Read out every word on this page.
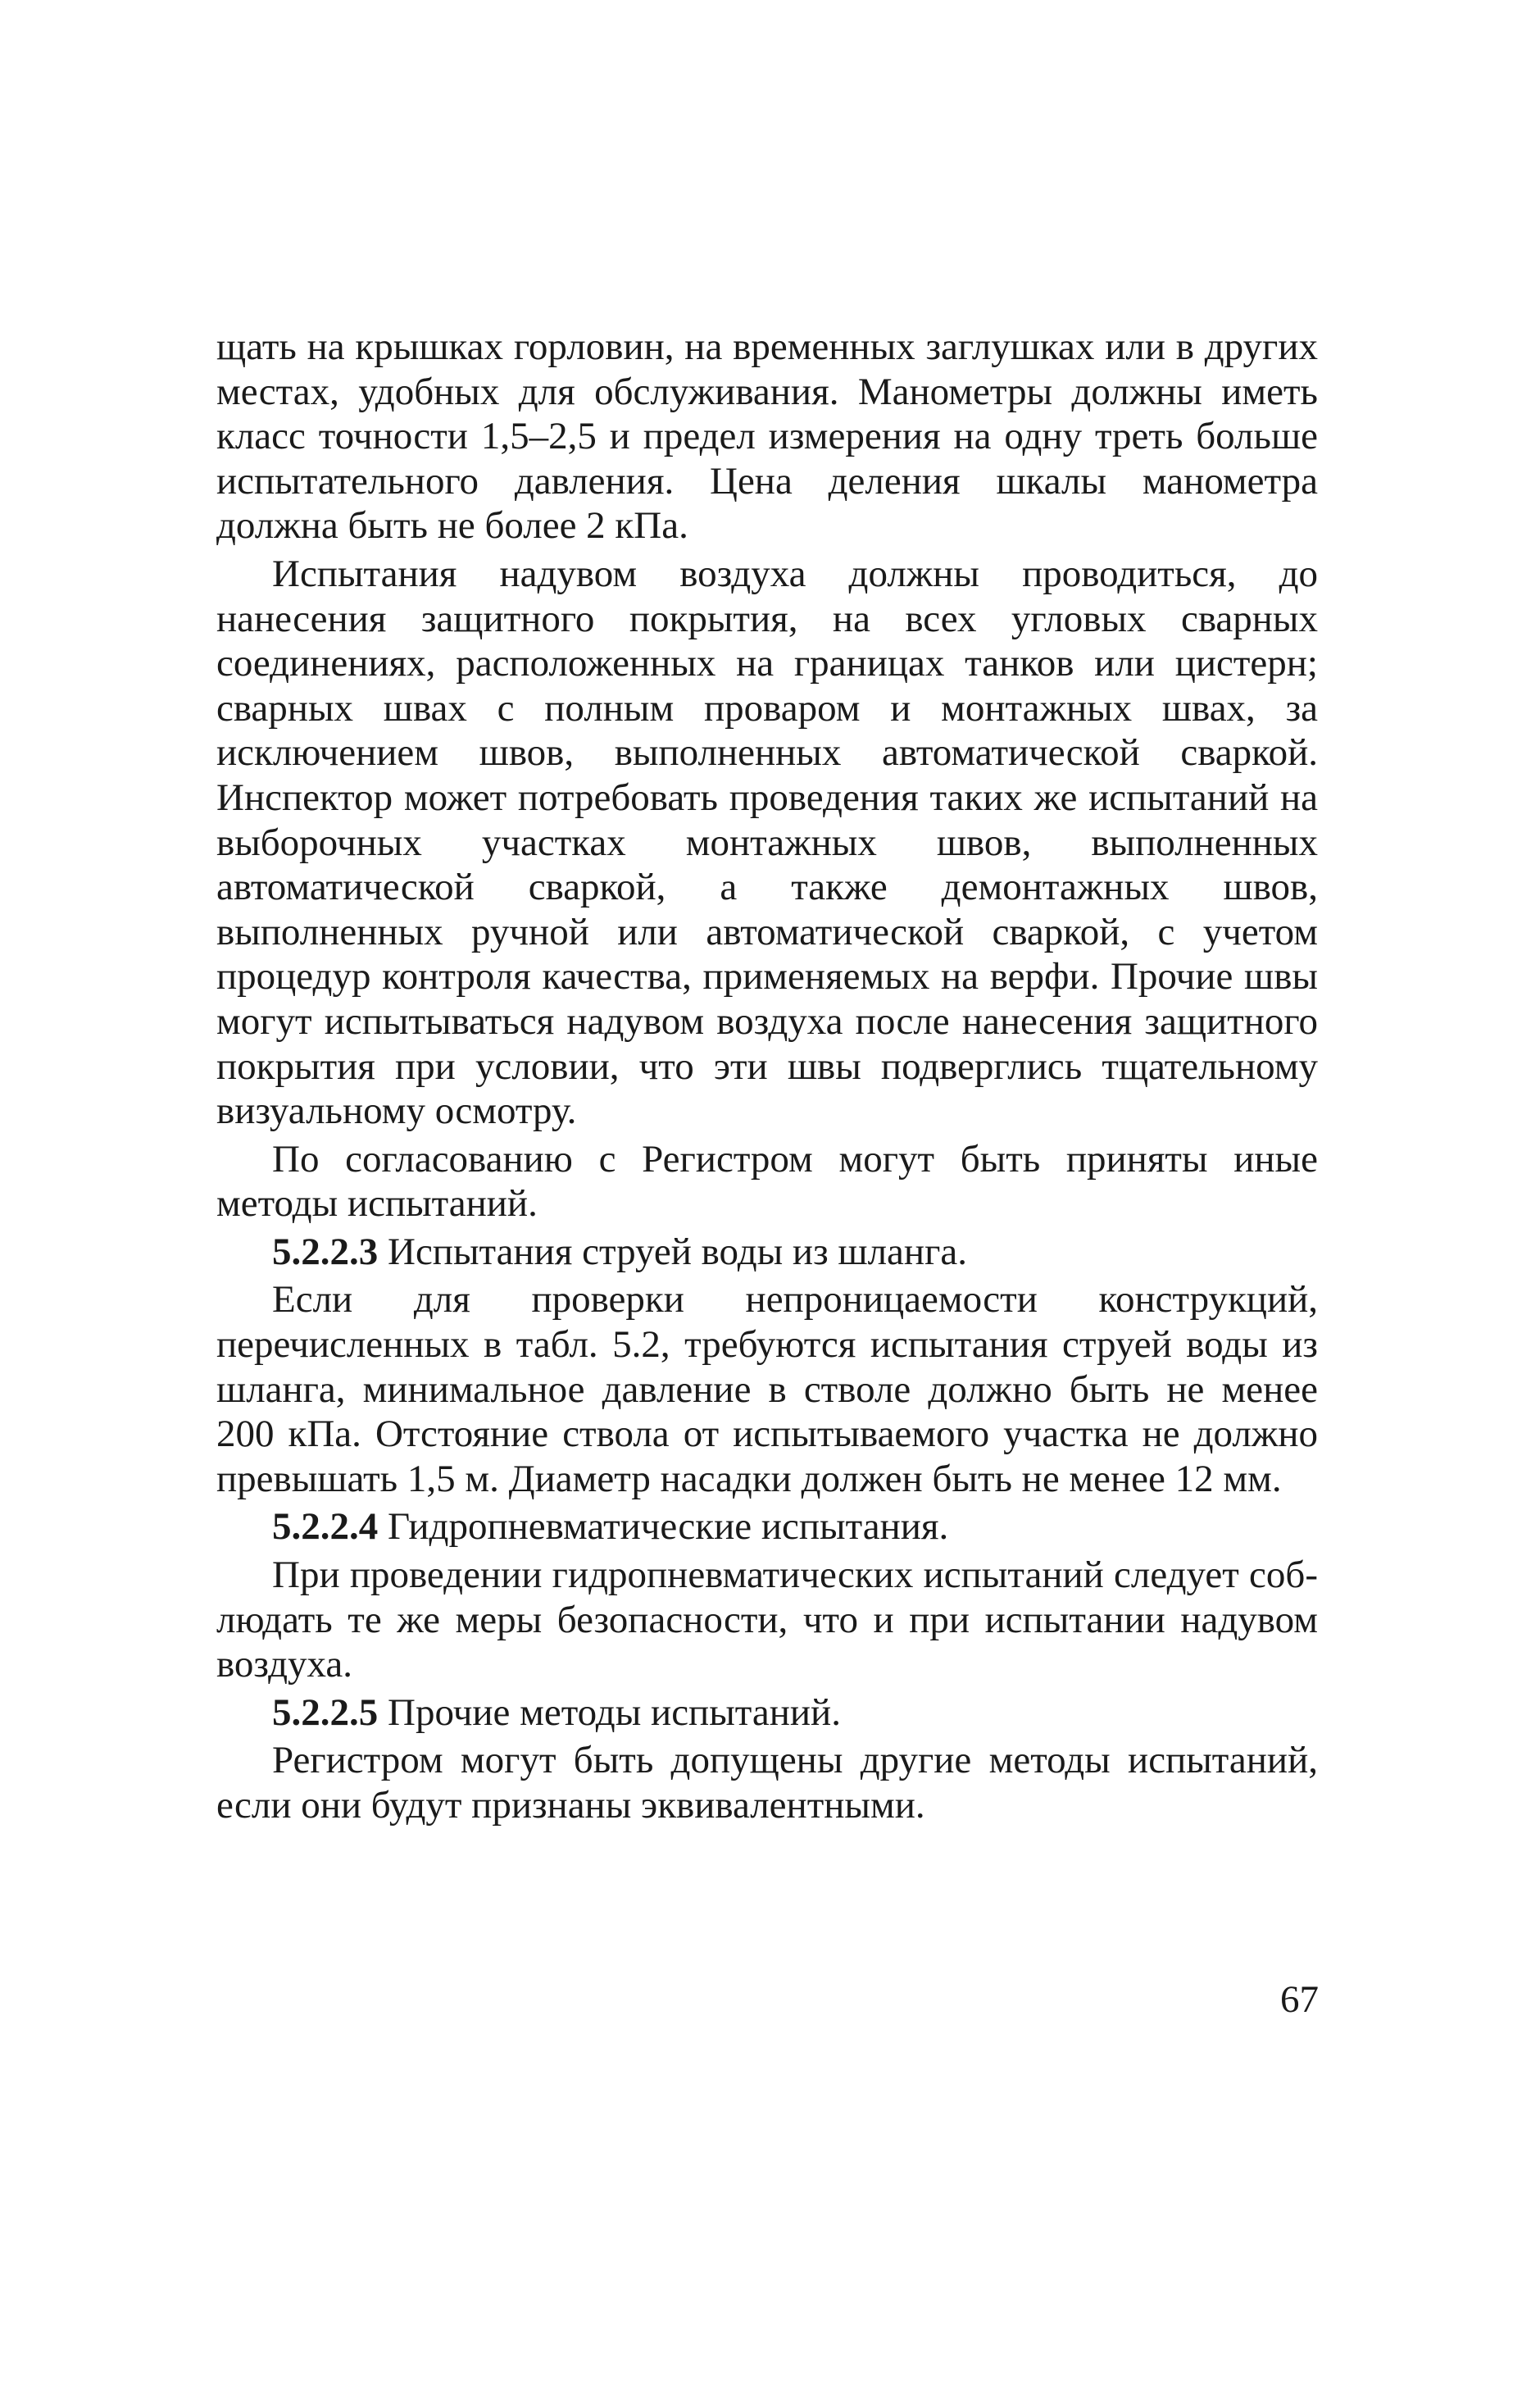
щать на крышках горловин, на временных заглушках или в других местах, удобных для обслуживания. Манометры должны иметь класс точности 1,5–2,5 и предел измерения на одну треть больше испытательного давления. Цена деления шкалы манометра должна быть не более 2 кПа.

Испытания надувом воздуха должны проводиться, до нанесения защитного покрытия, на всех угловых сварных соединениях, расположенных на границах танков или цистерн; сварных швах с полным проваром и монтажных швах, за исключением швов, выполненных автоматической сваркой. Инспектор может потребовать проведения таких же испытаний на выборочных участках монтажных швов, выполненных автоматической сваркой, а также демонтажных швов, выполненных ручной или автоматической сваркой, с учетом процедур контроля качества, применяемых на верфи. Прочие швы могут испытываться надувом воздуха после нанесения защитного покрытия при условии, что эти швы подверглись тщательному визуальному осмотру.

По согласованию с Регистром могут быть приняты иные методы испытаний.

5.2.2.3 Испытания струей воды из шланга.

Если для проверки непроницаемости конструкций, перечисленных в табл. 5.2, требуются испытания струей воды из шланга, минимальное давление в стволе должно быть не менее 200 кПа. Отстояние ствола от испытываемого участка не должно превышать 1,5 м. Диаметр насадки должен быть не менее 12 мм.

5.2.2.4 Гидропневматические испытания.

При проведении гидропневматических испытаний следует соблюдать те же меры безопасности, что и при испытании надувом воздуха.

5.2.2.5 Прочие методы испытаний.

Регистром могут быть допущены другие методы испытаний, если они будут признаны эквивалентными.

67
